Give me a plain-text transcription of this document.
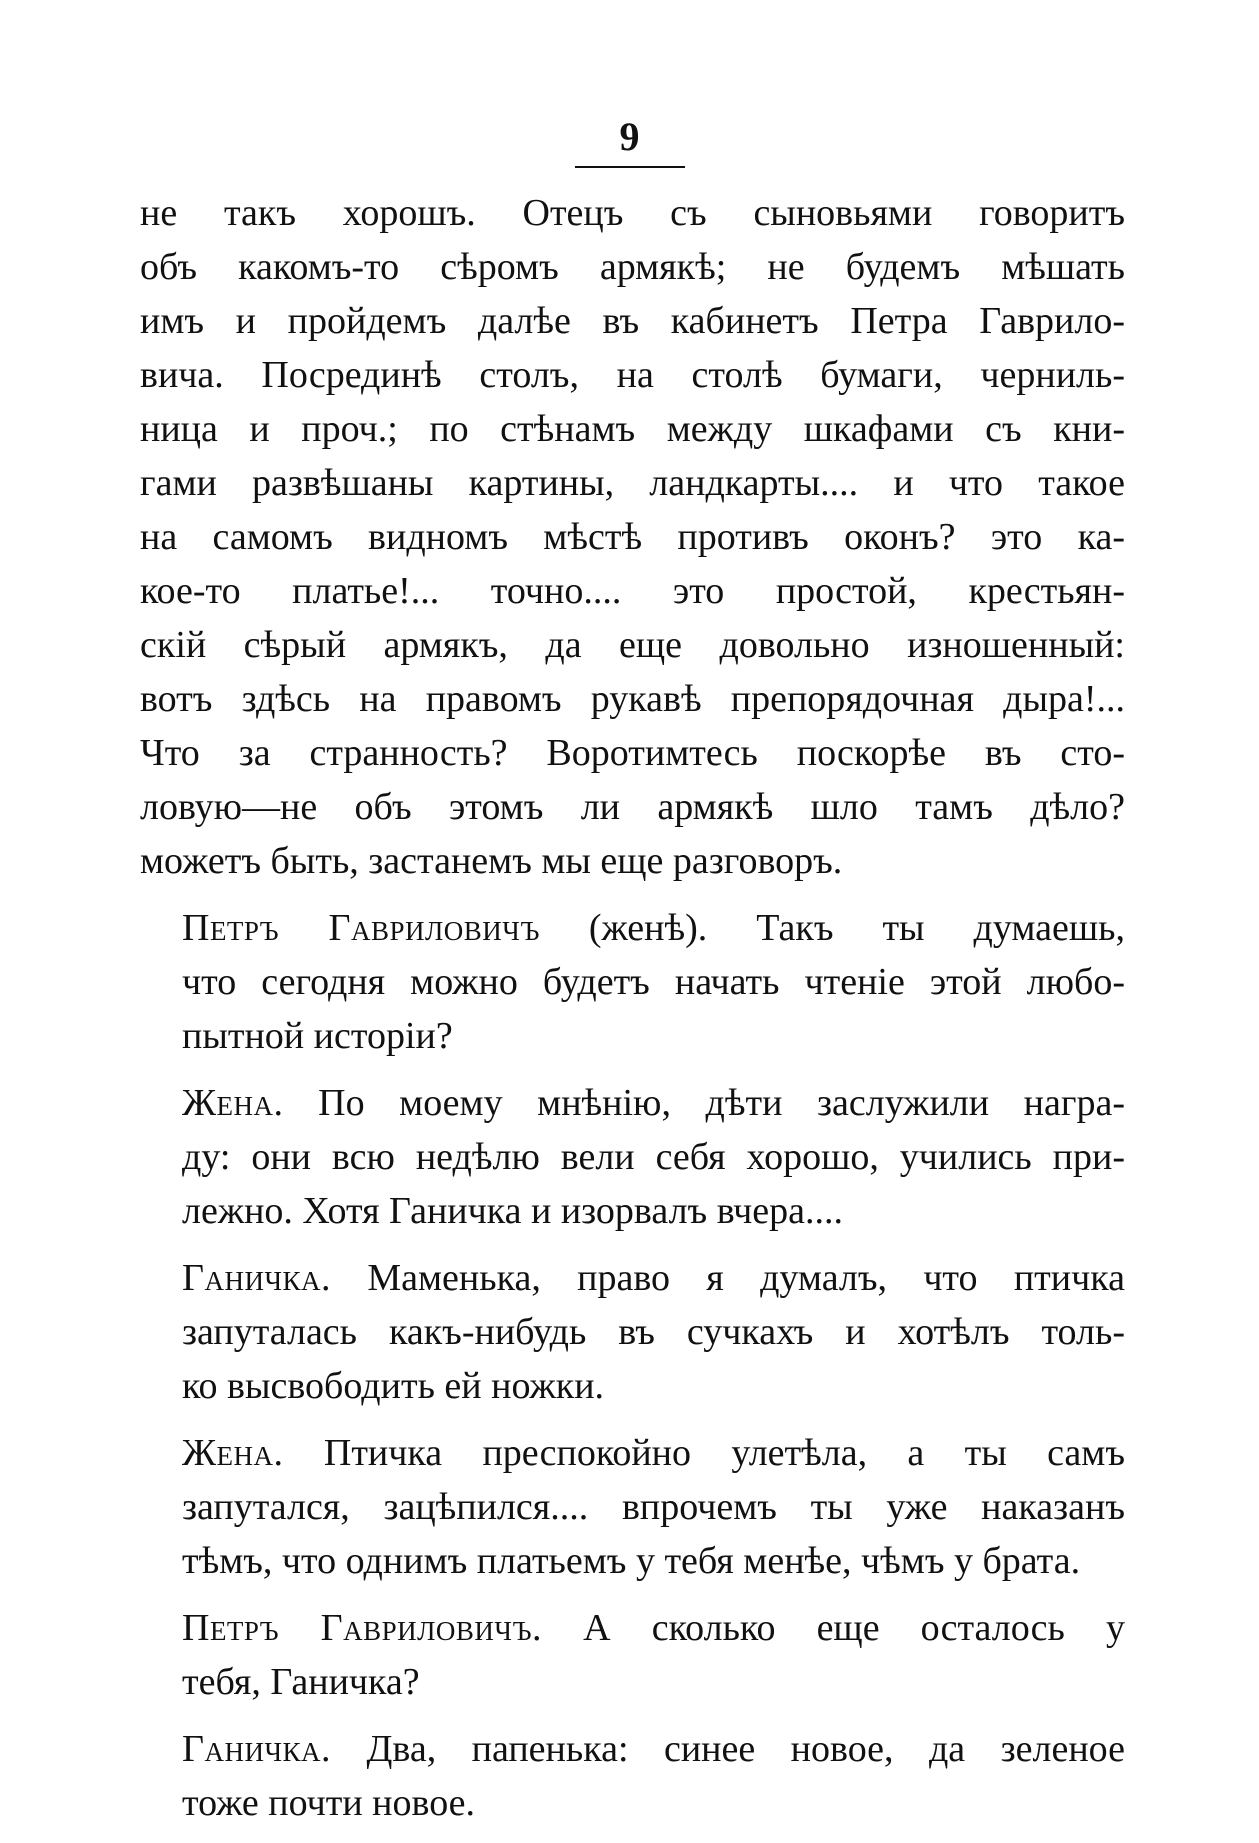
9

не такъ хорошъ. Отецъ съ сыновьями говоритъ
объ какомъ-то сѣромъ армякѣ; не будемъ мѣшать
имъ и пройдемъ далѣе въ кабинетъ Петра Гаврило-
вича. Посрединѣ столъ, на столѣ бумаги, черниль-
ница и проч.; по стѣнамъ между шкафами съ кни-
гами развѣшаны картины, ландкарты.... и что такое
на самомъ видномъ мѣстѣ противъ оконъ? это ка-
кое-то платье!... точно.... это простой, крестьян-
скій сѣрый армякъ, да еще довольно изношенный:
вотъ здѣсь на правомъ рукавѣ препорядочная дыра!...
Что за странность? Воротимтесь поскорѣе въ сто-
ловую—не объ этомъ ли армякѣ шло тамъ дѣло?
можетъ быть, застанемъ мы еще разговоръ.

Петръ Гавриловичъ (женѣ). Такъ ты думаешь,
что сегодня можно будетъ начать чтеніе этой любо-
пытной исторіи?

Жена. По моему мнѣнію, дѣти заслужили награ-
ду: они всю недѣлю вели себя хорошо, учились при-
лежно. Хотя Ганичка и изорвалъ вчера....

Ганичка. Маменька, право я думалъ, что птичка
запуталась какъ-нибудь въ сучкахъ и хотѣлъ толь-
ко высвободить ей ножки.

Жена. Птичка преспокойно улетѣла, а ты самъ
запутался, зацѣпился.... впрочемъ ты уже наказанъ
тѣмъ, что однимъ платьемъ у тебя менѣе, чѣмъ у брата.

Петръ Гавриловичъ. А сколько еще осталось у
тебя, Ганичка?

Ганичка. Два, папенька: синее новое, да зеленое
тоже почти новое.
